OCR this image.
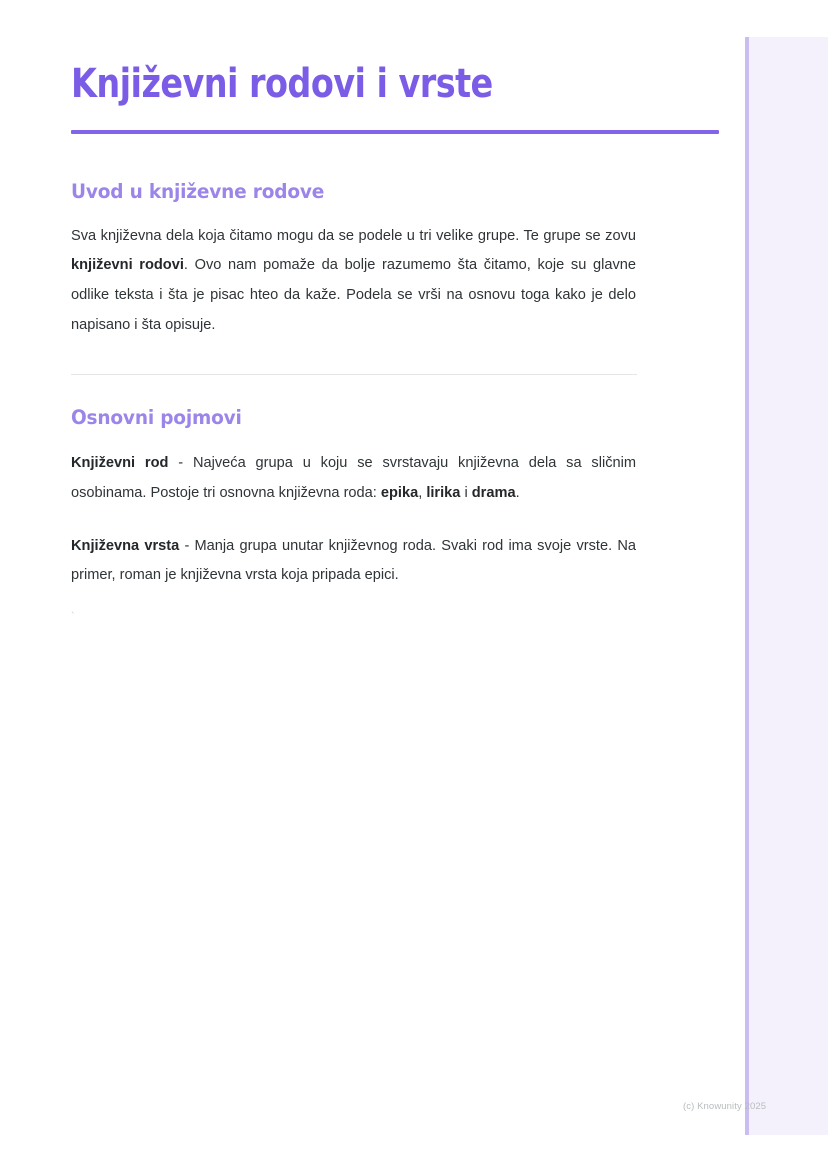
Književni rodovi i vrste
Uvod u književne rodove

Sva književna dela koja čitamo mogu da se podele u tri velike grupe. Te grupe se zovu književni rodovi. Ovo nam pomaže da bolje razumemo šta čitamo, koje su glavne odlike teksta i šta je pisac hteo da kaže. Podela se vrši na osnovu toga kako je delo napisano i šta opisuje.

Osnovni pojmovi

Književni rod - Najveća grupa u koju se svrstavaju književna dela sa sličnim osobinama. Postoje tri osnovna književna roda: epika, lirika i drama.

Književna vrsta - Manja grupa unutar književnog roda. Svaki rod ima svoje vrste. Na primer, roman je književna vrsta koja pripada epici.

`
(c) Knowunity 2025
